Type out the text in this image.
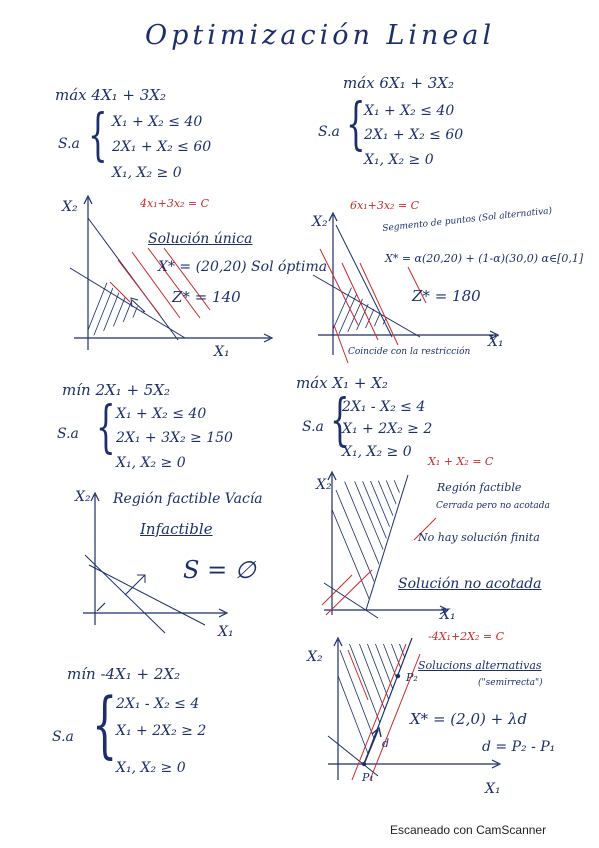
Optimización Lineal
máx 4X₁ + 3X₂
S.a { X₁ + X₂ ≤ 40
2X₁ + X₂ ≤ 60
X₁, X₂ ≥ 0
máx 6X₁ + 3X₂
S.a {
X₁ + X₂ ≤ 40
2X₁ + X₂ ≤ 60
X₁, X₂ ≥ 0
X₂
X₁
4x₁+3x₂ = C
Solución única
X* = (20,20) Sol óptima
Z* = 140
X₂
X₁
6x₁+3x₂ = C
Segmento de puntos (Sol alternativa)
X* = α(20,20) + (1-α)(30,0) α∈[0,1]
Z* = 180
Coincide con la restricción
mín 2X₁ + 5X₂
S.a { X₁ + X₂ ≤ 40
2X₁ + 3X₂ ≥ 150
X₁, X₂ ≥ 0
máx X₁ + X₂
S.a {
2X₁ - X₂ ≤ 4
X₁ + 2X₂ ≥ 2
X₁, X₂ ≥ 0
X₂
X₁
Región factible Vacía
Infactible
S = ∅
X₂
X₁
X₁ + X₂ = C
Región factible
Cerrada pero no acotada
No hay solución finita
Solución no acotada
mín -4X₁ + 2X₂
S.a {
2X₁ - X₂ ≤ 4
X₁ + 2X₂ ≥ 2
X₁, X₂ ≥ 0
X₂
X₁
-4X₁+2X₂ = C
Solucions alternativas
("semirrecta")
X* = (2,0) + λd
d = P₂ - P₁
P₁
P₂
d
Escaneado con CamScanner
